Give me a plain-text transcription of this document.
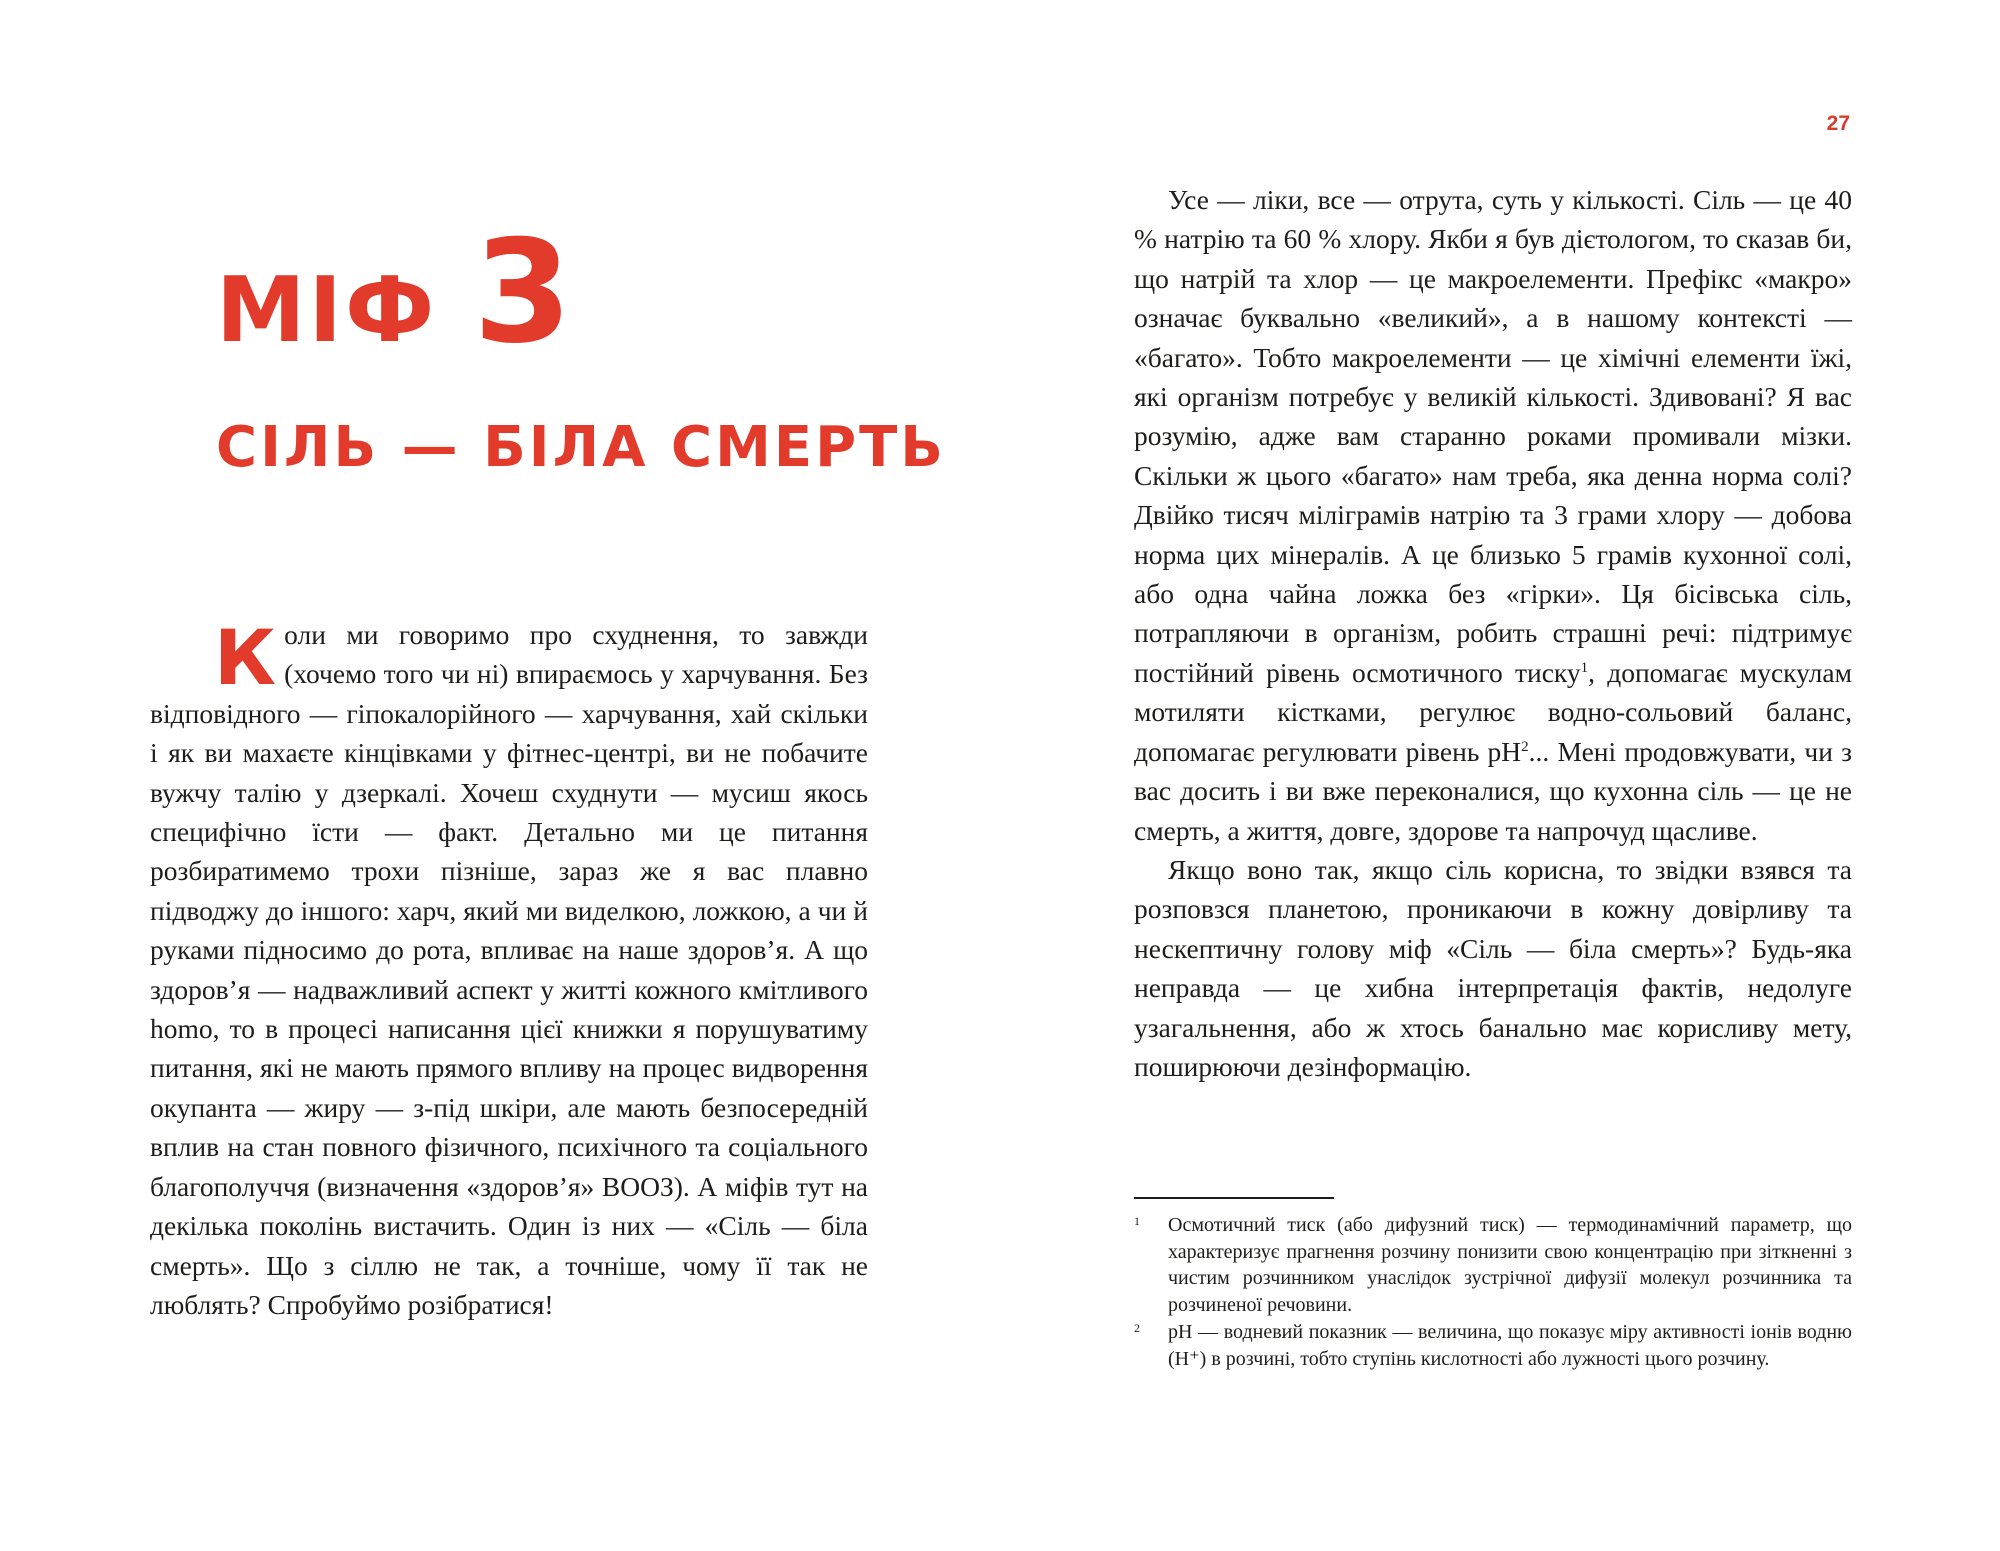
27
МІФ 3
СІЛЬ — БІЛА СМЕРТЬ

Коли ми говоримо про схуднення, то завжди (хочемо того чи ні) впираємось у харчування. Без відповідного — гіпокалорійного — харчування, хай скільки і як ви махаєте кінцівками у фітнес-центрі, ви не побачите вужчу талію у дзеркалі. Хочеш схуднути — мусиш якось специфічно їсти — факт. Детально ми це питання розбиратимемо трохи пізніше, зараз же я вас плавно підводжу до іншого: харч, який ми виделкою, ложкою, а чи й руками підносимо до рота, впливає на наше здоров’я. А що здоров’я — надважливий аспект у житті кожного кмітливого homo, то в процесі написання цієї книжки я порушуватиму питання, які не мають прямого впливу на процес видворення окупанта — жиру — з-під шкіри, але мають безпосередній вплив на стан повного фізичного, психічного та соціального благополуччя (визначення «здоров’я» ВООЗ). А міфів тут на декілька поколінь вистачить. Один із них — «Сіль — біла смерть». Що з сіллю не так, а точніше, чому її так не люблять? Спробуймо розібратися!

Усе — ліки, все — отрута, суть у кількості. Сіль — це 40 % натрію та 60 % хлору. Якби я був дієтологом, то сказав би, що натрій та хлор — це макроелементи. Префікс «макро» означає буквально «великий», а в нашому контексті — «багато». Тобто макроелементи — це хімічні елементи їжі, які організм потребує у великій кількості. Здивовані? Я вас розумію, адже вам старанно роками промивали мізки. Скільки ж цього «багато» нам треба, яка денна норма солі? Двійко тисяч міліграмів натрію та 3 грами хлору — добова норма цих мінералів. А це близько 5 грамів кухонної солі, або одна чайна ложка без «гірки». Ця бісівська сіль, потрапляючи в організм, робить страшні речі: підтримує постійний рівень осмотичного тиску$^1$, допомагає мускулам мотиляти кістками, регулює водно-сольовий баланс, допомагає регулювати рівень $pH^2$... Мені продовжувати, чи з вас досить і ви вже переконалися, що кухонна сіль — це не смерть, а життя, довге, здорове та напрочуд щасливе.

Якщо воно так, якщо сіль корисна, то звідки взявся та розповзся планетою, проникаючи в кожну довірливу та нескептичну голову міф «Сіль — біла смерть»? Будь-яка неправда — це хибна інтерпретація фактів, недолуге узагальнення, або ж хтось банально має корисливу мету, поширюючи дезінформацію.

1 Осмотичний тиск (або дифузний тиск) — термодинамічний параметр, що характеризує прагнення розчину понизити свою концентрацію при зіткненні з чистим розчинником унаслідок зустрічної дифузії молекул розчинника та розчиненої речовини.
2 pH — водневий показник — величина, що показує міру активності іонів водню (H⁺) в розчині, тобто ступінь кислотності або лужності цього розчину.
